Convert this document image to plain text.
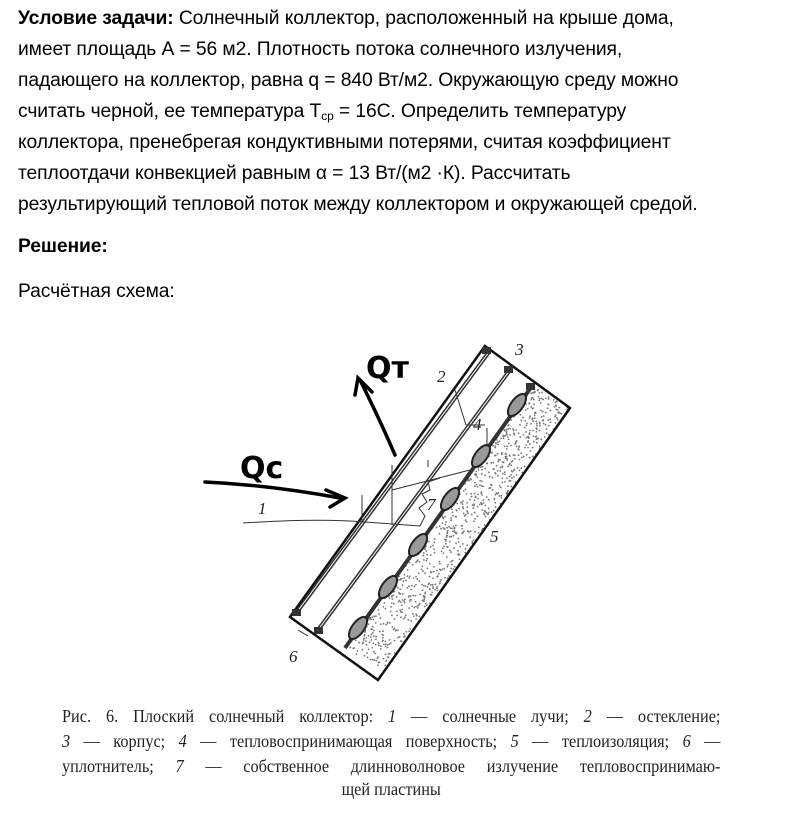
Условие задачи: Солнечный коллектор, расположенный на крыше дома,
имеет площадь А = 56 м2. Плотность потока солнечного излучения,
падающего на коллектор, равна q = 840 Вт/м2. Окружающую среду можно
считать черной, ее температура $T_{ср} = 16С$. Определить температуру
коллектора, пренебрегая кондуктивными потерями, считая коэффициент
теплоотдачи конвекцией равным α = 13 Вт/(м2 ·К). Рассчитать
результирующий тепловой поток между коллектором и окружающей средой.
Решение:
Расчётная схема:
Qc
Qт
1
2
3
4
5
6
7
Рис. 6. Плоский солнечный коллектор: 1 — солнечные лучи; 2 — остекление;
3 — корпус; 4 — тепловоспринимающая поверхность; 5 — теплоизоляция; 6 —
уплотнитель; 7 — собственное длинноволновое излучение тепловоспринимаю-
щей пластины
